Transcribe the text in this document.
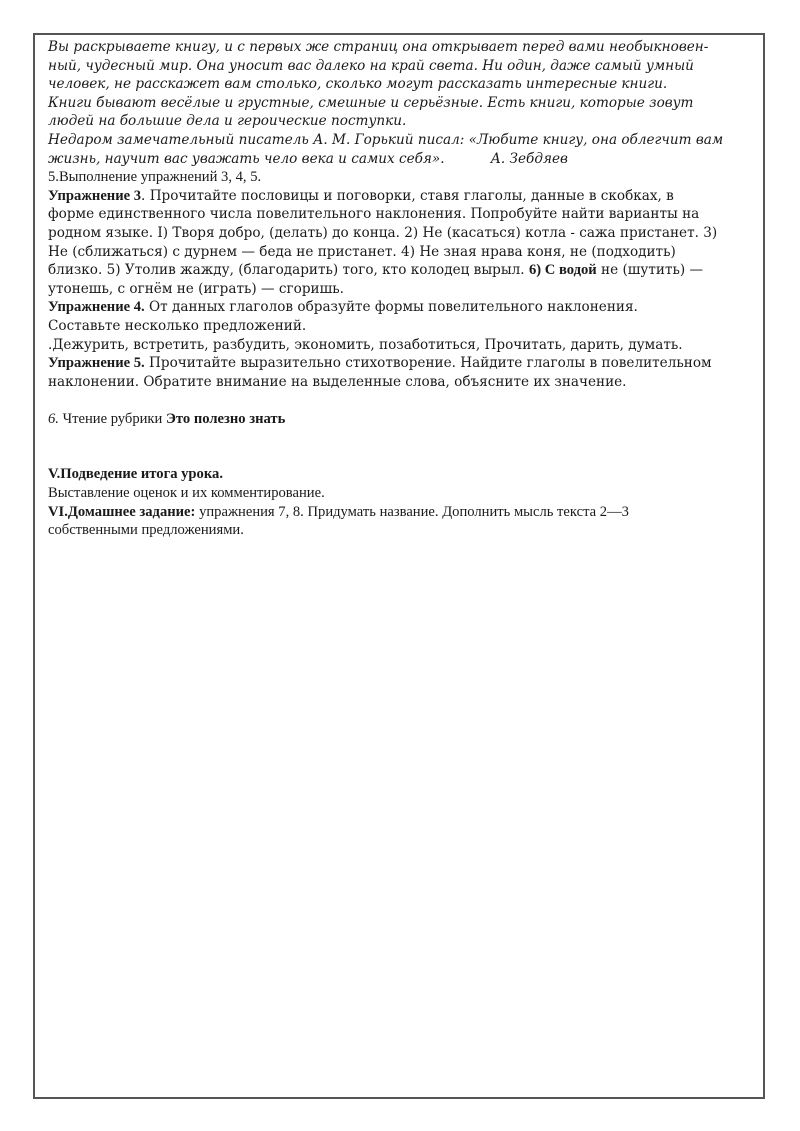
Вы раскрываете книгу, и с первых же страниц она открывает перед вами необыкновен-

ный, чудесный мир. Она уносит вас далеко на край света. Ни один, даже самый умный

человек, не расскажет вам столько, сколько могут рассказать интересные книги.

Книги бывают весёлые и грустные, смешные и серьёзные. Есть книги, которые зовут

людей на большие дела и героические поступки.

Недаром замечательный писатель А. М. Горький писал: «Любите книгу, она облегчит вам

жизнь, научит вас уважать чело века и самих себя».	А. Зебдяев

5.Выполнение упражнений 3, 4, 5.

Упражнение 3. Прочитайте пословицы и поговорки, ставя глаголы, данные в скобках, в

форме единственного числа повелительного наклонения. Попробуйте найти варианты на

родном языке. I) Творя добро, (делать) до конца. 2) Не (касаться) котла - сажа пристанет. 3)

Не (сближаться) с дурнем — беда не пристанет. 4) Не зная нрава коня, не (подходить)

близко. 5) Утолив жажду, (благодарить) того, кто колодец вырыл. 6) С водой не (шутить) —

утонешь, с огнём не (играть) — сгоришь.

Упражнение 4. От данных глаголов образуйте формы повелительного наклонения.

Составьте несколько предложений.

.Дежурить, встретить, разбудить, экономить, позаботиться, Прочитать, дарить, думать.

Упражнение 5. Прочитайте выразительно стихотворение. Найдите глаголы в повелительном

наклонении. Обратите внимание на выделенные слова, объясните их значение.

6. Чтение рубрики Это полезно знать

V.Подведение итога урока.

Выставление оценок и их комментирование.

VI.Домашнее задание: упражнения 7, 8. Придумать название. Дополнить мысль текста 2—3

собственными предложениями.
